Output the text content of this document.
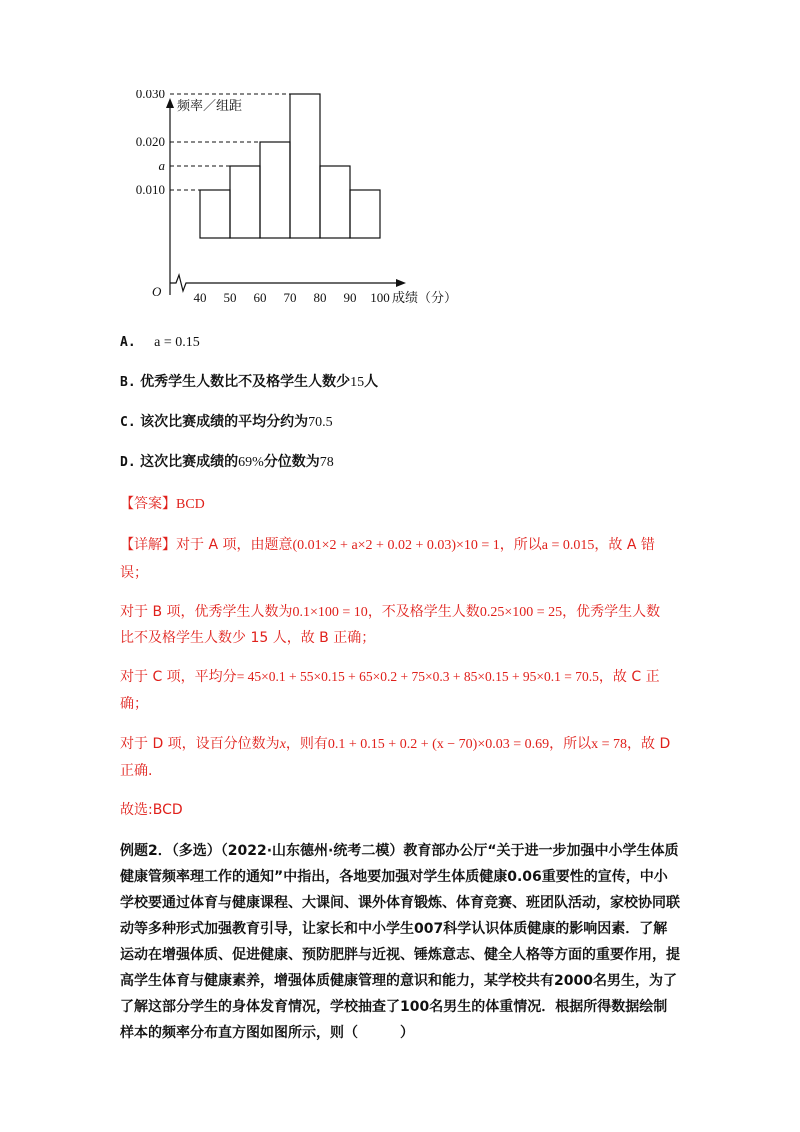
0.030
0.020
a
0.010
O
频率／组距
40 50 60 70 80 90 100 成绩（分）
A. a = 0.15
B. 优秀学生人数比不及格学生人数少15人
C. 该次比赛成绩的平均分约为70.5
D. 这次比赛成绩的69%分位数为78
【答案】BCD
【详解】对于 A 项，由题意(0.01×2 + a×2 + 0.02 + 0.03)×10 = 1，所以a = 0.015，故 A 错
误；
对于 B 项，优秀学生人数为0.1×100 = 10，不及格学生人数0.25×100 = 25，优秀学生人数
比不及格学生人数少 15 人，故 B 正确；
对于 C 项，平均分= 45×0.1 + 55×0.15 + 65×0.2 + 75×0.3 + 85×0.15 + 95×0.1 = 70.5，故 C 正
确；
对于 D 项，设百分位数为x，则有0.1 + 0.15 + 0.2 + (x − 70)×0.03 = 0.69，所以x = 78，故 D
正确.
故选:BCD
例题2．（多选）（2022·山东德州·统考二模）教育部办公厅“关于进一步加强中小学生体质健康管频率理工作的通知”中指出，各地要加强对学生体质健康0.06重要性的宣传，中小学校要通过体育与健康课程、大课间、课外体育锻炼、体育竞赛、班团队活动，家校协同联动等多种形式加强教育引导，让家长和中小学生007科学认识体质健康的影响因素．了解运动在增强体质、促进健康、预防肥胖与近视、锤炼意志、健全人格等方面的重要作用，提高学生体育与健康素养，增强体质健康管理的意识和能力，某学校共有2000名男生，为了了解这部分学生的身体发育情况，学校抽查了100名男生的体重情况．根据所得数据绘制样本的频率分布直方图如图所示，则（　　　）
